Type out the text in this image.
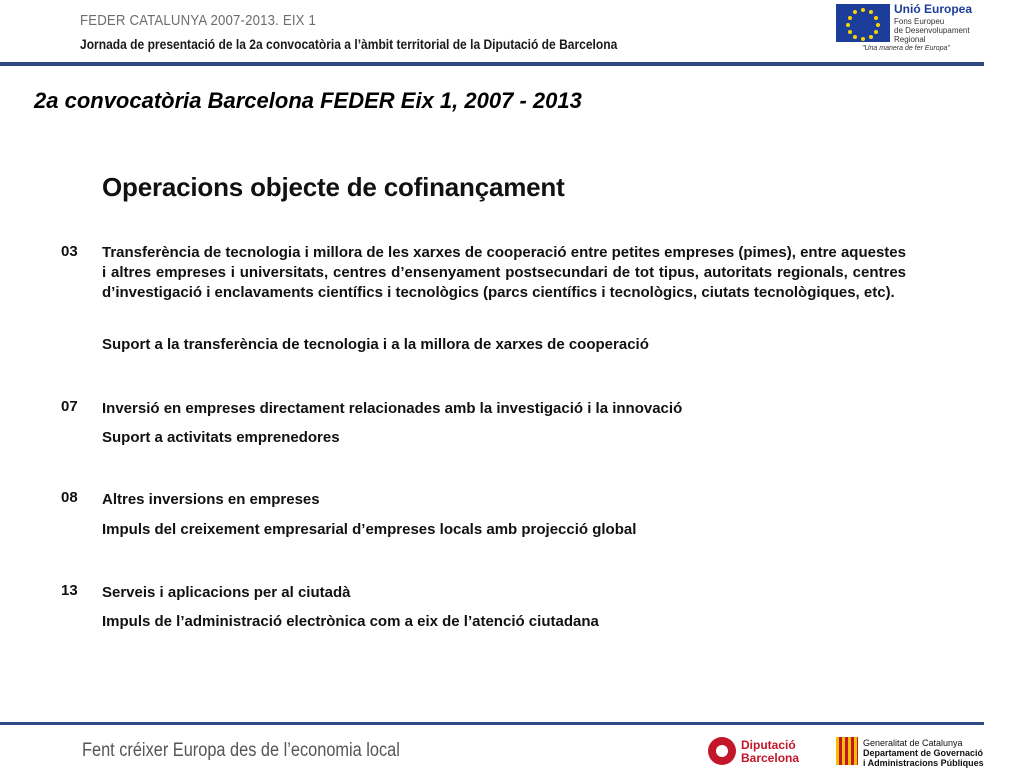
FEDER CATALUNYA 2007-2013. EIX 1
Jornada de presentació de la 2a convocatòria a l’àmbit territorial de la Diputació de Barcelona
Unió Europea
Fons Europeu
de Desenvolupament
Regional
"Una manera de fer Europa"
2a convocatòria Barcelona FEDER Eix 1, 2007 - 2013
Operacions objecte de cofinançament
03 Transferència de tecnologia i millora de les xarxes de cooperació entre petites empreses (pimes), entre aquestes i altres empreses i universitats, centres d’ensenyament postsecundari de tot tipus, autoritats regionals, centres d’investigació i enclavaments científics i tecnològics (parcs científics i tecnològics, ciutats tecnològiques, etc).
Suport a la transferència de tecnologia i a la millora de xarxes de cooperació
07 Inversió en empreses directament relacionades amb la investigació i la innovació
Suport a activitats emprenedores
08 Altres inversions en empreses
Impuls del creixement empresarial d’empreses locals amb projecció global
13 Serveis i aplicacions per al ciutadà
Impuls de l’administració electrònica com a eix de l’atenció ciutadana
Fent créixer Europa des de l’economia local	Diputació
Barcelona
Generalitat de Catalunya
Departament de Governació
i Administracions Públiques
